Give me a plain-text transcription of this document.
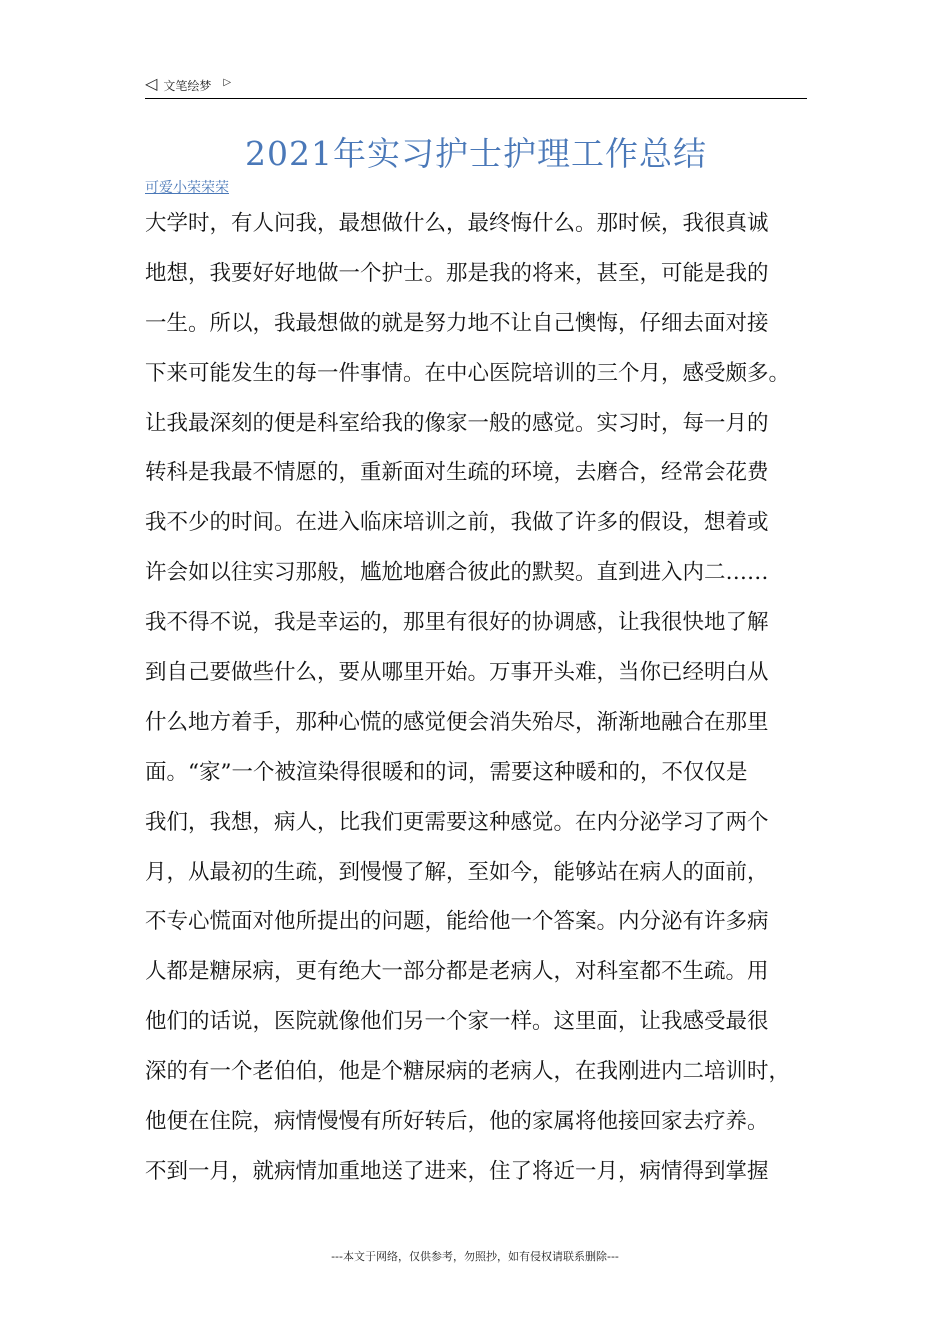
◁ 文笔绘梦 ▷
2021年实习护士护理工作总结
可爱小荣荣荣
大学时，有人问我，最想做什么，最终悔什么。那时候，我很真诚
地想，我要好好地做一个护士。那是我的将来，甚至，可能是我的
一生。所以，我最想做的就是努力地不让自己懊悔，仔细去面对接
下来可能发生的每一件事情。在中心医院培训的三个月，感受颇多。
让我最深刻的便是科室给我的像家一般的感觉。实习时，每一月的
转科是我最不情愿的，重新面对生疏的环境，去磨合，经常会花费
我不少的时间。在进入临床培训之前，我做了许多的假设，想着或
许会如以往实习那般，尴尬地磨合彼此的默契。直到进入内二……
我不得不说，我是幸运的，那里有很好的协调感，让我很快地了解
到自己要做些什么，要从哪里开始。万事开头难，当你已经明白从
什么地方着手，那种心慌的感觉便会消失殆尽，渐渐地融合在那里
面。“家”一个被渲染得很暖和的词，需要这种暖和的，不仅仅是
我们，我想，病人，比我们更需要这种感觉。在内分泌学习了两个
月，从最初的生疏，到慢慢了解，至如今，能够站在病人的面前，
不专心慌面对他所提出的问题，能给他一个答案。内分泌有许多病
人都是糖尿病，更有绝大一部分都是老病人，对科室都不生疏。用
他们的话说，医院就像他们另一个家一样。这里面，让我感受最很
深的有一个老伯伯，他是个糖尿病的老病人，在我刚进内二培训时，
他便在住院，病情慢慢有所好转后，他的家属将他接回家去疗养。
不到一月，就病情加重地送了进来，住了将近一月，病情得到掌握
---本文于网络，仅供参考，勿照抄，如有侵权请联系删除---
